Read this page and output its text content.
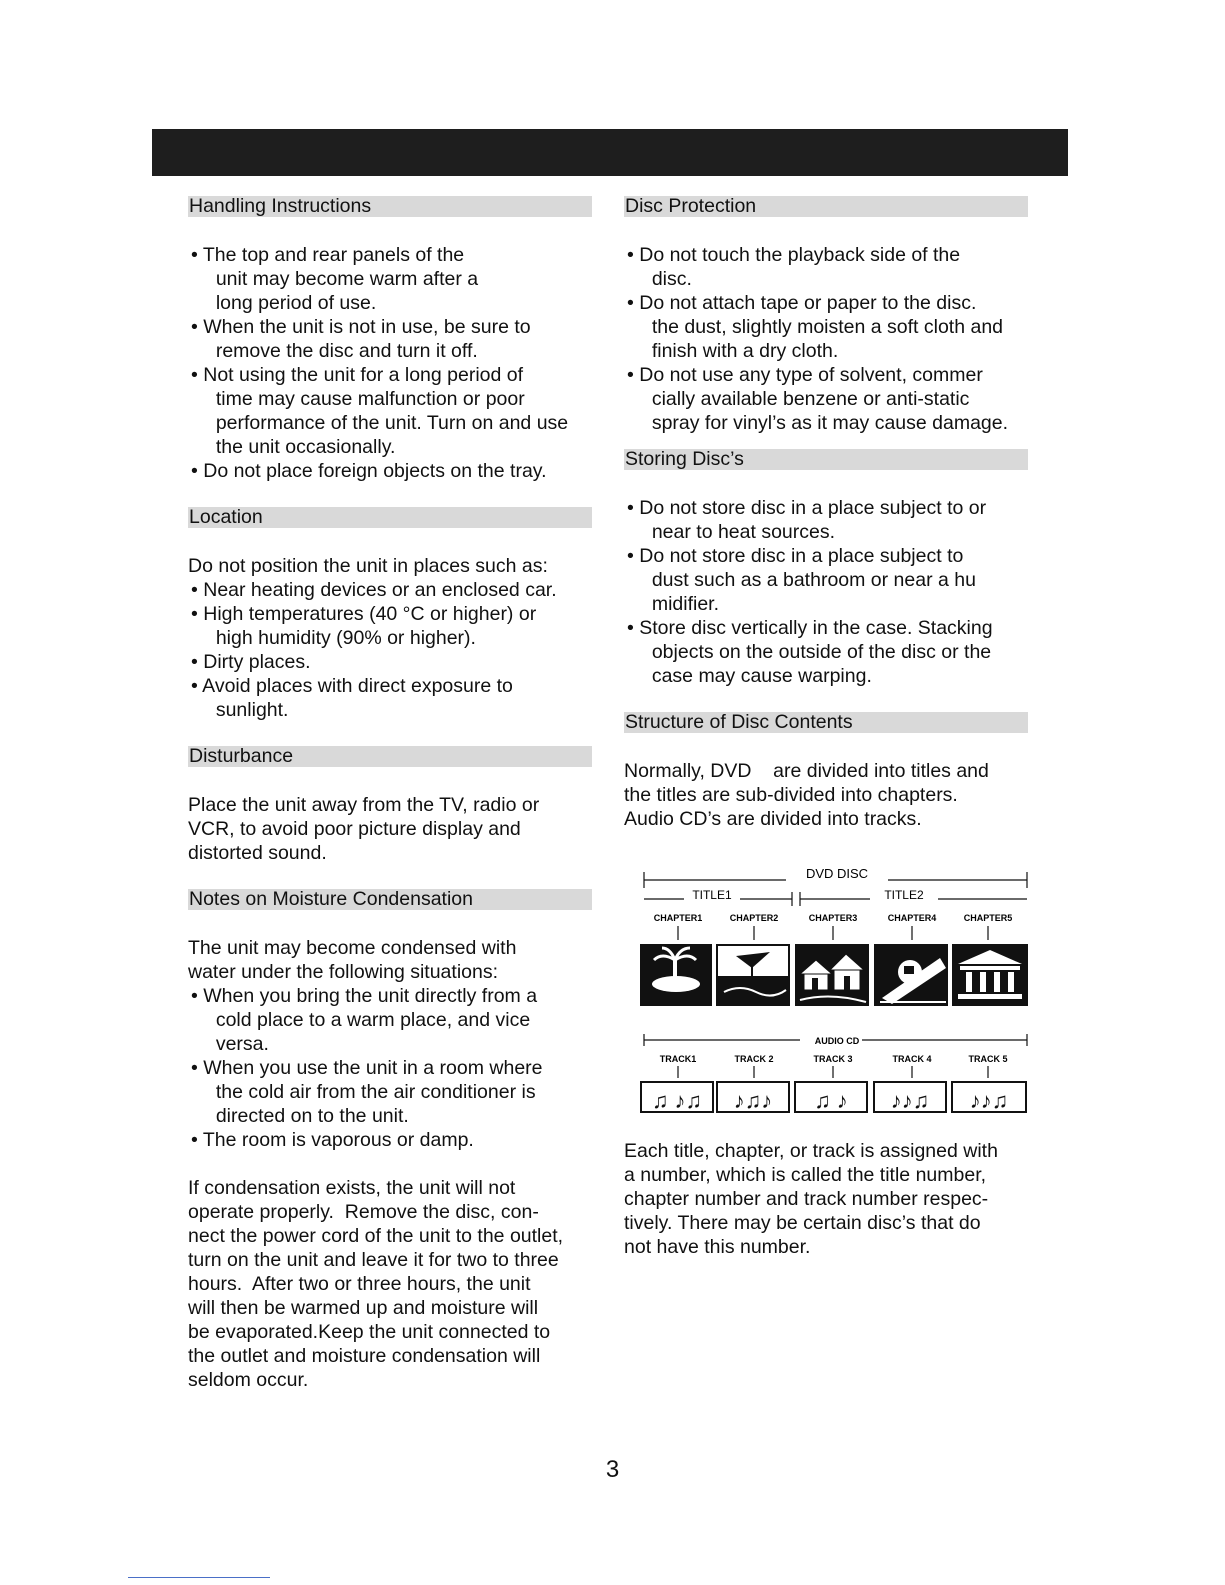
Handling Instructions
• The top and rear panels of the
unit may become warm after a
long period of use.
• When the unit is not in use, be sure to
remove the disc and turn it off.
• Not using the unit for a long period of
time may cause malfunction or poor
performance of the unit. Turn on and use
the unit occasionally.
• Do not place foreign objects on the tray.
Location
Do not position the unit in places such as:
• Near heating devices or an enclosed car.
• High temperatures (40 °C or higher) or
high humidity (90% or higher).
• Dirty places.
• Avoid places with direct exposure to
sunlight.
Disturbance
Place the unit away from the TV, radio or
VCR, to avoid poor picture display and
distorted sound.
Notes on Moisture Condensation
The unit may become condensed with
water under the following situations:
• When you bring the unit directly from a
cold place to a warm place, and vice
versa.
• When you use the unit in a room where
the cold air from the air conditioner is
directed on to the unit.
• The room is vaporous or damp.
If condensation exists, the unit will not
operate properly.  Remove the disc, con-
nect the power cord of the unit to the outlet,
turn on the unit and leave it for two to three
hours.  After two or three hours, the unit
will then be warmed up and moisture will
be evaporated.Keep the unit connected to
the outlet and moisture condensation will
seldom occur.
Disc Protection
• Do not touch the playback side of the
disc.
• Do not attach tape or paper to the disc.
the dust, slightly moisten a soft cloth and
finish with a dry cloth.
• Do not use any type of solvent, commer
cially available benzene or anti-static
spray for vinyl’s as it may cause damage.
Storing Disc’s
• Do not store disc in a place subject to or
near to heat sources.
• Do not store disc in a place subject to
dust such as a bathroom or near a hu
midifier.
• Store disc vertically in the case. Stacking
objects on the outside of the disc or the
case may cause warping.
Structure of Disc Contents
Normally, DVD    are divided into titles and
the titles are sub-divided into chapters.
Audio CD’s are divided into tracks.
Each title, chapter, or track is assigned with
a number, which is called the title number,
chapter number and track number respec-
tively. There may be certain disc’s that do
not have this number.
DVD DISC
TITLE1	TITLE2
CHAPTER1	CHAPTER2	CHAPTER3	CHAPTER4	CHAPTER5
AUDIO CD
TRACK1	TRACK 2	TRACK 3	TRACK 4	TRACK 5
♫ ♪♫ ♪♫♪ ♫ ♪ ♪♪♫ ♪♪♫
3
